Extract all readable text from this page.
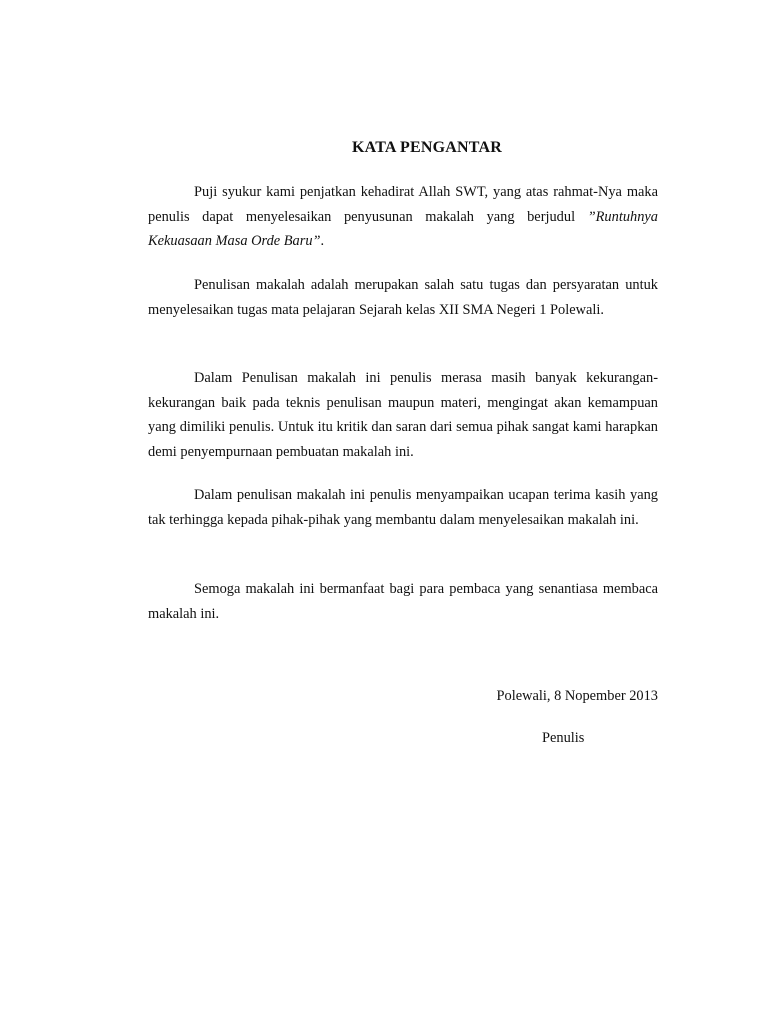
KATA PENGANTAR

Puji syukur kami penjatkan kehadirat Allah SWT, yang atas rahmat-Nya maka penulis dapat menyelesaikan penyusunan makalah yang berjudul ”Runtuhnya Kekuasaan Masa Orde Baru”.

Penulisan makalah adalah merupakan salah satu tugas dan persyaratan untuk menyelesaikan tugas mata pelajaran Sejarah kelas XII SMA Negeri 1 Polewali.

Dalam Penulisan makalah ini penulis merasa masih banyak kekurangan-kekurangan baik pada teknis penulisan maupun materi, mengingat akan kemampuan yang dimiliki penulis. Untuk itu kritik dan saran dari semua pihak sangat kami harapkan demi penyempurnaan pembuatan makalah ini.

Dalam penulisan makalah ini penulis menyampaikan ucapan terima kasih yang tak terhingga kepada pihak-pihak yang membantu dalam menyelesaikan makalah ini.

Semoga makalah ini bermanfaat bagi para pembaca yang senantiasa membaca makalah ini.

Polewali, 8 Nopember 2013
Penulis
